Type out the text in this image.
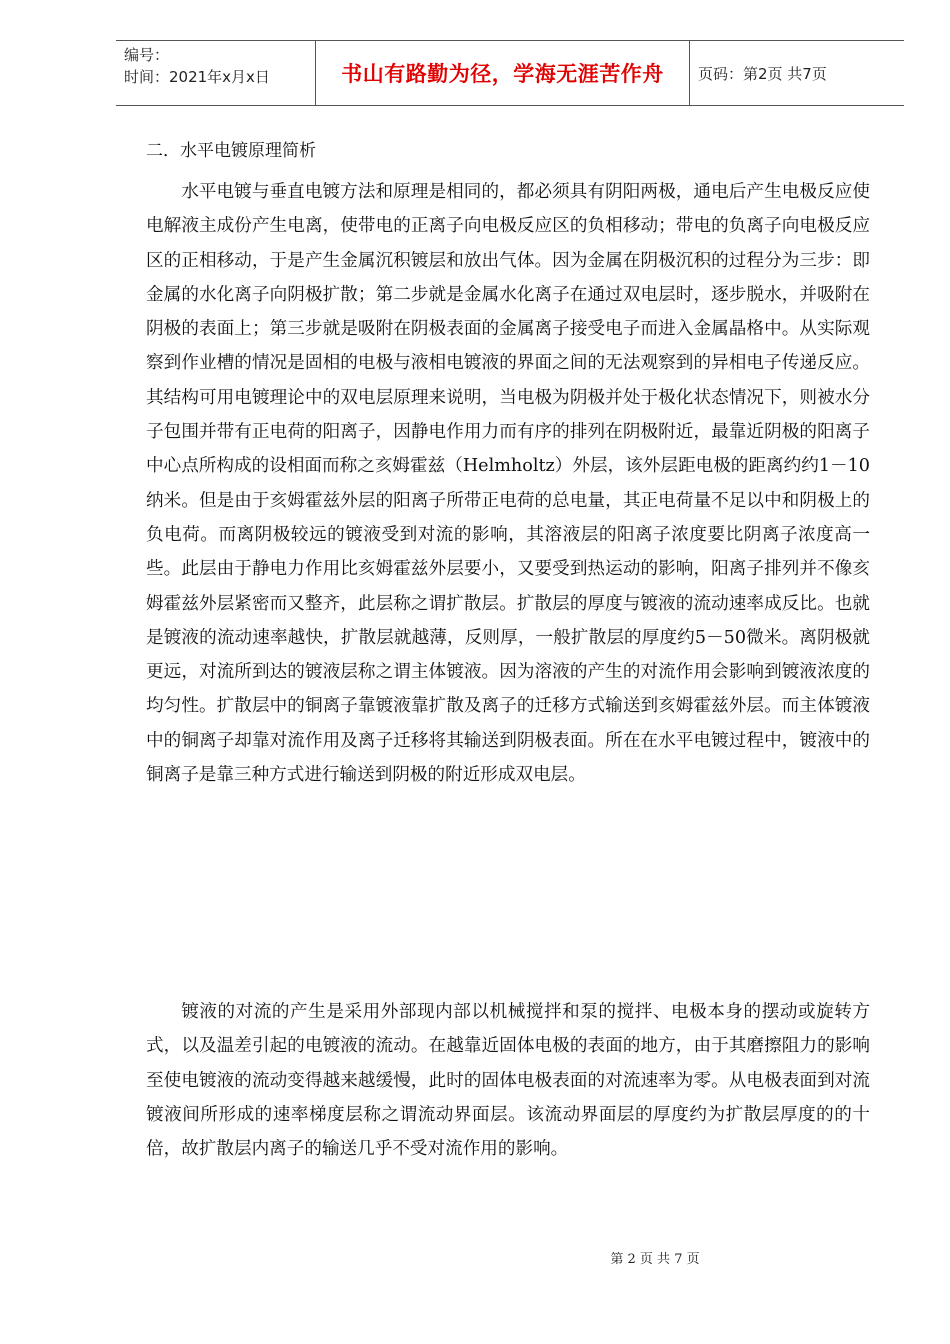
编号：
时间：2021年x月x日	书山有路勤为径，学海无涯苦作舟	页码：第2页 共7页
二．水平电镀原理简析

水平电镀与垂直电镀方法和原理是相同的，都必须具有阴阳两极，通电后产生电极反应使电解液主成份产生电离，使带电的正离子向电极反应区的负相移动；带电的负离子向电极反应区的正相移动，于是产生金属沉积镀层和放出气体。因为金属在阴极沉积的过程分为三步：即金属的水化离子向阴极扩散；第二步就是金属水化离子在通过双电层时，逐步脱水，并吸附在阴极的表面上；第三步就是吸附在阴极表面的金属离子接受电子而进入金属晶格中。从实际观察到作业槽的情况是固相的电极与液相电镀液的界面之间的无法观察到的异相电子传递反应。其结构可用电镀理论中的双电层原理来说明，当电极为阴极并处于极化状态情况下，则被水分子包围并带有正电荷的阳离子，因静电作用力而有序的排列在阴极附近，最靠近阴极的阳离子中心点所构成的设相面而称之亥姆霍兹（Helmholtz）外层，该外层距电极的距离约约1－10纳米。但是由于亥姆霍兹外层的阳离子所带正电荷的总电量，其正电荷量不足以中和阴极上的负电荷。而离阴极较远的镀液受到对流的影响，其溶液层的阳离子浓度要比阴离子浓度高一些。此层由于静电力作用比亥姆霍兹外层要小，又要受到热运动的影响，阳离子排列并不像亥姆霍兹外层紧密而又整齐，此层称之谓扩散层。扩散层的厚度与镀液的流动速率成反比。也就是镀液的流动速率越快，扩散层就越薄，反则厚，一般扩散层的厚度约5－50微米。离阴极就更远，对流所到达的镀液层称之谓主体镀液。因为溶液的产生的对流作用会影响到镀液浓度的均匀性。扩散层中的铜离子靠镀液靠扩散及离子的迁移方式输送到亥姆霍兹外层。而主体镀液中的铜离子却靠对流作用及离子迁移将其输送到阴极表面。所在在水平电镀过程中，镀液中的铜离子是靠三种方式进行输送到阴极的附近形成双电层。

镀液的对流的产生是采用外部现内部以机械搅拌和泵的搅拌、电极本身的摆动或旋转方式，以及温差引起的电镀液的流动。在越靠近固体电极的表面的地方，由于其磨擦阻力的影响至使电镀液的流动变得越来越缓慢，此时的固体电极表面的对流速率为零。从电极表面到对流镀液间所形成的速率梯度层称之谓流动界面层。该流动界面层的厚度约为扩散层厚度的的十倍，故扩散层内离子的输送几乎不受对流作用的影响。

第 2 页 共 7 页
